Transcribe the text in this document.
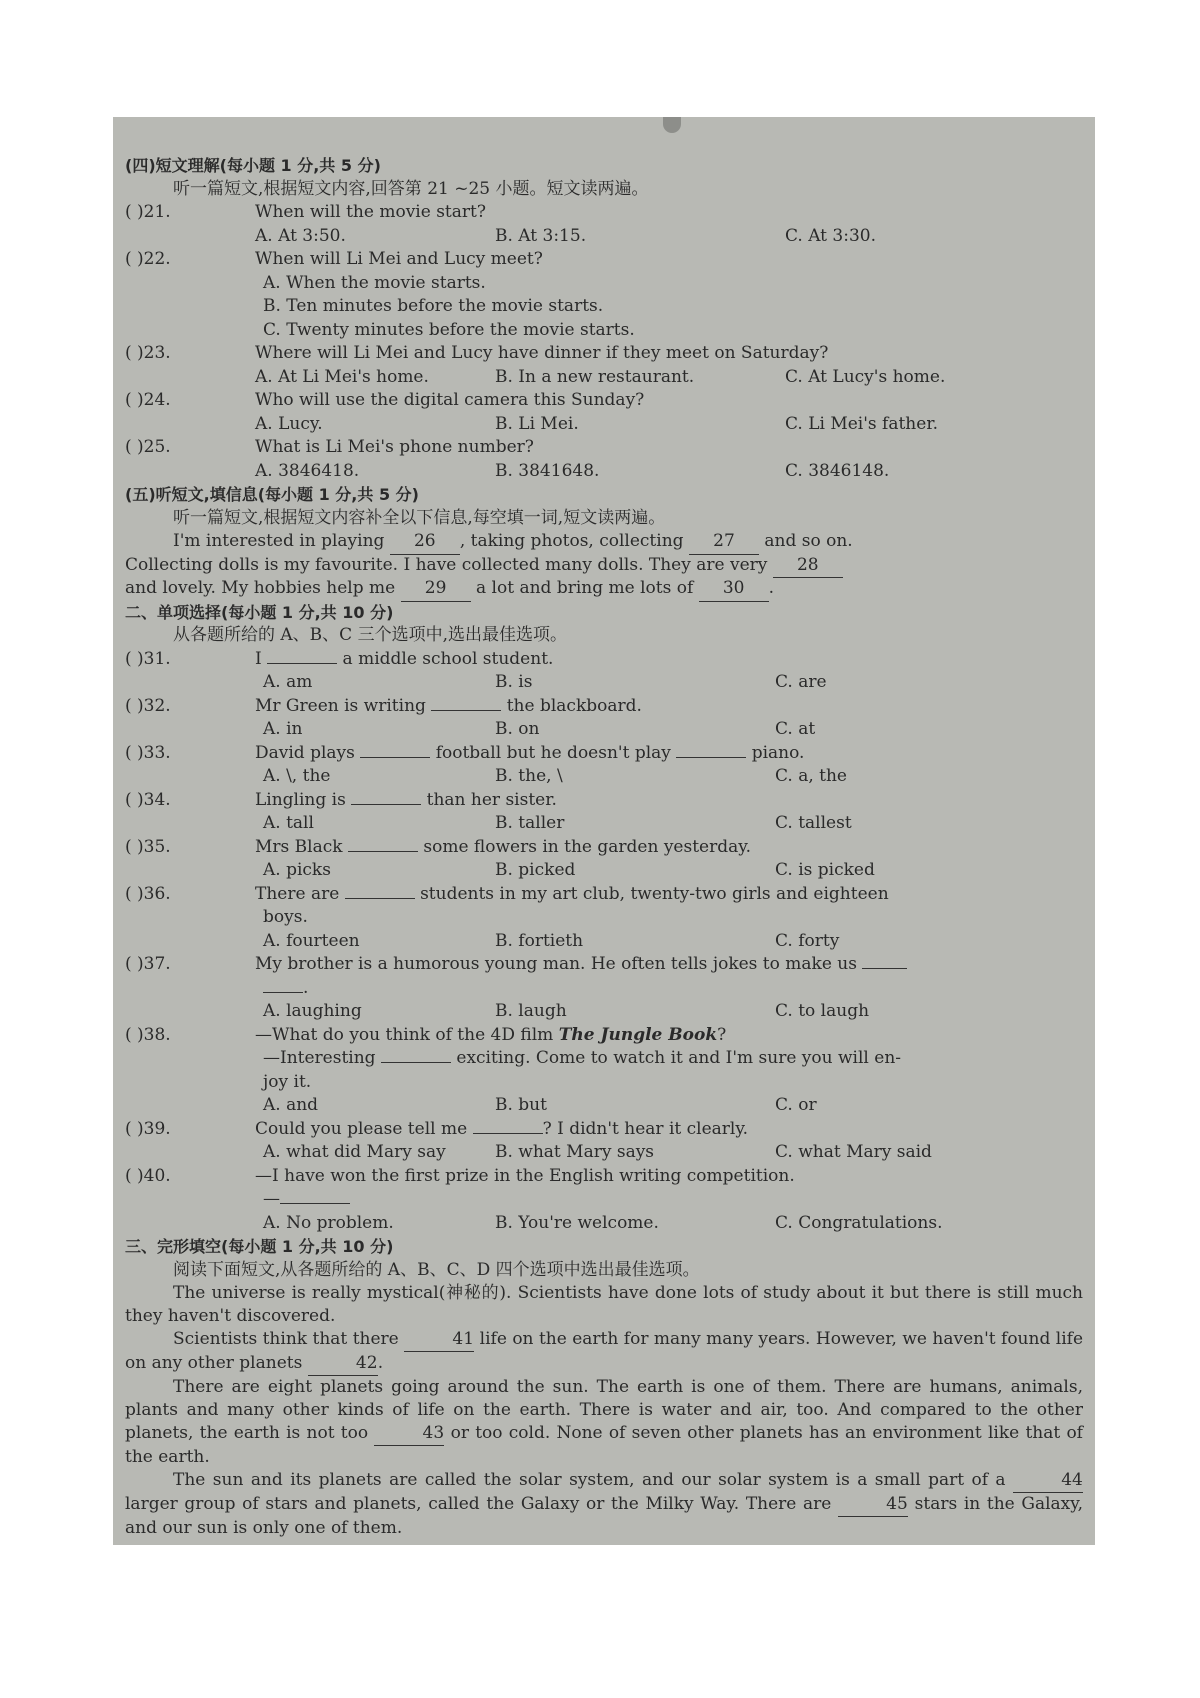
(四)短文理解(每小题 1 分,共 5 分)
听一篇短文,根据短文内容,回答第 21 ~25 小题。短文读两遍。
( )21.	When will the movie start?
A. At 3:50.	B. At 3:15.	C. At 3:30.
( )22.	When will Li Mei and Lucy meet?
A. When the movie starts.
B. Ten minutes before the movie starts.
C. Twenty minutes before the movie starts.
( )23.	Where will Li Mei and Lucy have dinner if they meet on Saturday?
A. At Li Mei's home.	B. In a new restaurant.	C. At Lucy's home.
( )24.	Who will use the digital camera this Sunday?
A. Lucy.	B. Li Mei.	C. Li Mei's father.
( )25.	What is Li Mei's phone number?
A. 3846418.	B. 3841648.	C. 3846148.
(五)听短文,填信息(每小题 1 分,共 5 分)
听一篇短文,根据短文内容补全以下信息,每空填一词,短文读两遍。
I'm interested in playing 26 , taking photos, collecting 27 and so on.
Collecting dolls is my favourite. I have collected many dolls. They are very 28
and lovely. My hobbies help me 29 a lot and bring me lots of 30 .
二、单项选择(每小题 1 分,共 10 分)
从各题所给的 A、B、C 三个选项中,选出最佳选项。
( )31.	I	a middle school student.
A. am	B. is	C. are
( )32.	Mr Green is writing	the blackboard.
A. in	B. on	C. at
( )33.	David plays	football but he doesn't play	piano.
A. \, the	B. the, \	C. a, the
( )34.	Lingling is	than her sister.
A. tall	B. taller	C. tallest
( )35.	Mrs Black	some flowers in the garden yesterday.
A. picks	B. picked	C. is picked
( )36.	There are	students in my art club, twenty-two girls and eighteen
boys.
A. fourteen	B. fortieth	C. forty
( )37.	My brother is a humorous young man. He often tells jokes to make us
.
A. laughing	B. laugh	C. to laugh
( )38.	—What do you think of the 4D film The Jungle Book?
—Interesting	exciting. Come to watch it and I'm sure you will en-
joy it.
A. and	B. but	C. or
( )39.	Could you please tell me	? I didn't hear it clearly.
A. what did Mary say	B. what Mary says	C. what Mary said
( )40.	—I have won the first prize in the English writing competition.
—
A. No problem.	B. You're welcome.	C. Congratulations.
三、完形填空(每小题 1 分,共 10 分)
阅读下面短文,从各题所给的 A、B、C、D 四个选项中选出最佳选项。

The universe is really mystical(神秘的). Scientists have done lots of study about it but there is still much they haven't discovered.

Scientists think that there	41 life on the earth for many many years. However, we haven't found life on any other planets	42.

There are eight planets going around the sun. The earth is one of them. There are humans, animals, plants and many other kinds of life on the earth. There is water and air, too. And compared to the other planets, the earth is not too	43 or too cold. None of seven other planets has an environment like that of the earth.

The sun and its planets are called the solar system, and our solar system is a small part of a	44 larger group of stars and planets, called the Galaxy or the Milky Way. There are	45 stars in the Galaxy, and our sun is only one of them.
